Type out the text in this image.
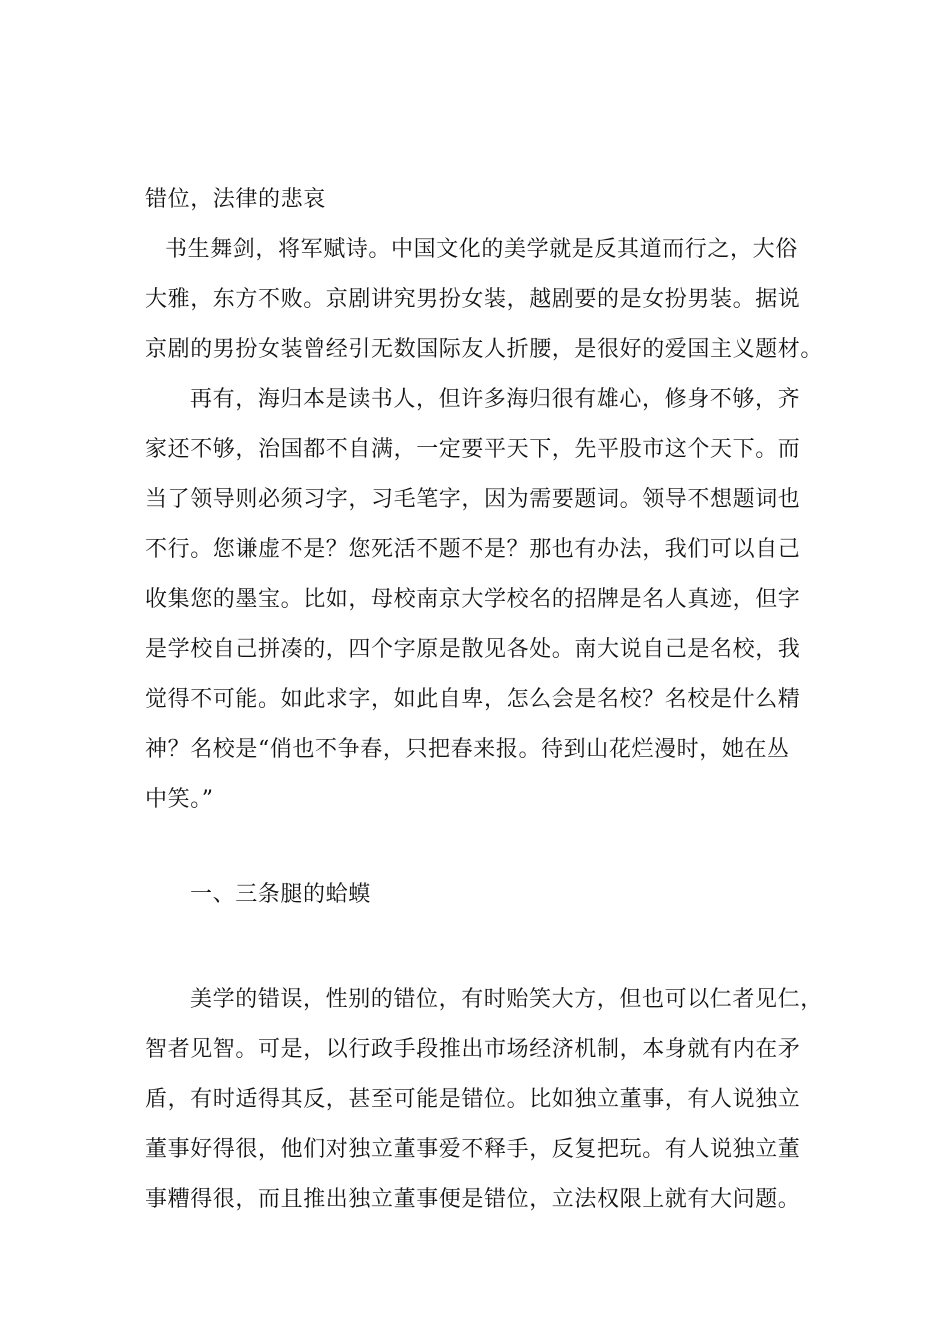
错位，法律的悲哀
书生舞剑，将军赋诗。中国文化的美学就是反其道而行之，大俗
大雅，东方不败。京剧讲究男扮女装，越剧要的是女扮男装。据说
京剧的男扮女装曾经引无数国际友人折腰，是很好的爱国主义题材。
再有，海归本是读书人，但许多海归很有雄心，修身不够，齐
家还不够，治国都不自满，一定要平天下，先平股市这个天下。而
当了领导则必须习字，习毛笔字，因为需要题词。领导不想题词也
不行。您谦虚不是？您死活不题不是？那也有办法，我们可以自己
收集您的墨宝。比如，母校南京大学校名的招牌是名人真迹，但字
是学校自己拼凑的，四个字原是散见各处。南大说自己是名校，我
觉得不可能。如此求字，如此自卑，怎么会是名校？名校是什么精
神？名校是“俏也不争春，只把春来报。待到山花烂漫时，她在丛
中笑。”
一、三条腿的蛤蟆
美学的错误，性别的错位，有时贻笑大方，但也可以仁者见仁，
智者见智。可是，以行政手段推出市场经济机制，本身就有内在矛
盾，有时适得其反，甚至可能是错位。比如独立董事，有人说独立
董事好得很，他们对独立董事爱不释手，反复把玩。有人说独立董
事糟得很，而且推出独立董事便是错位，立法权限上就有大问题。
